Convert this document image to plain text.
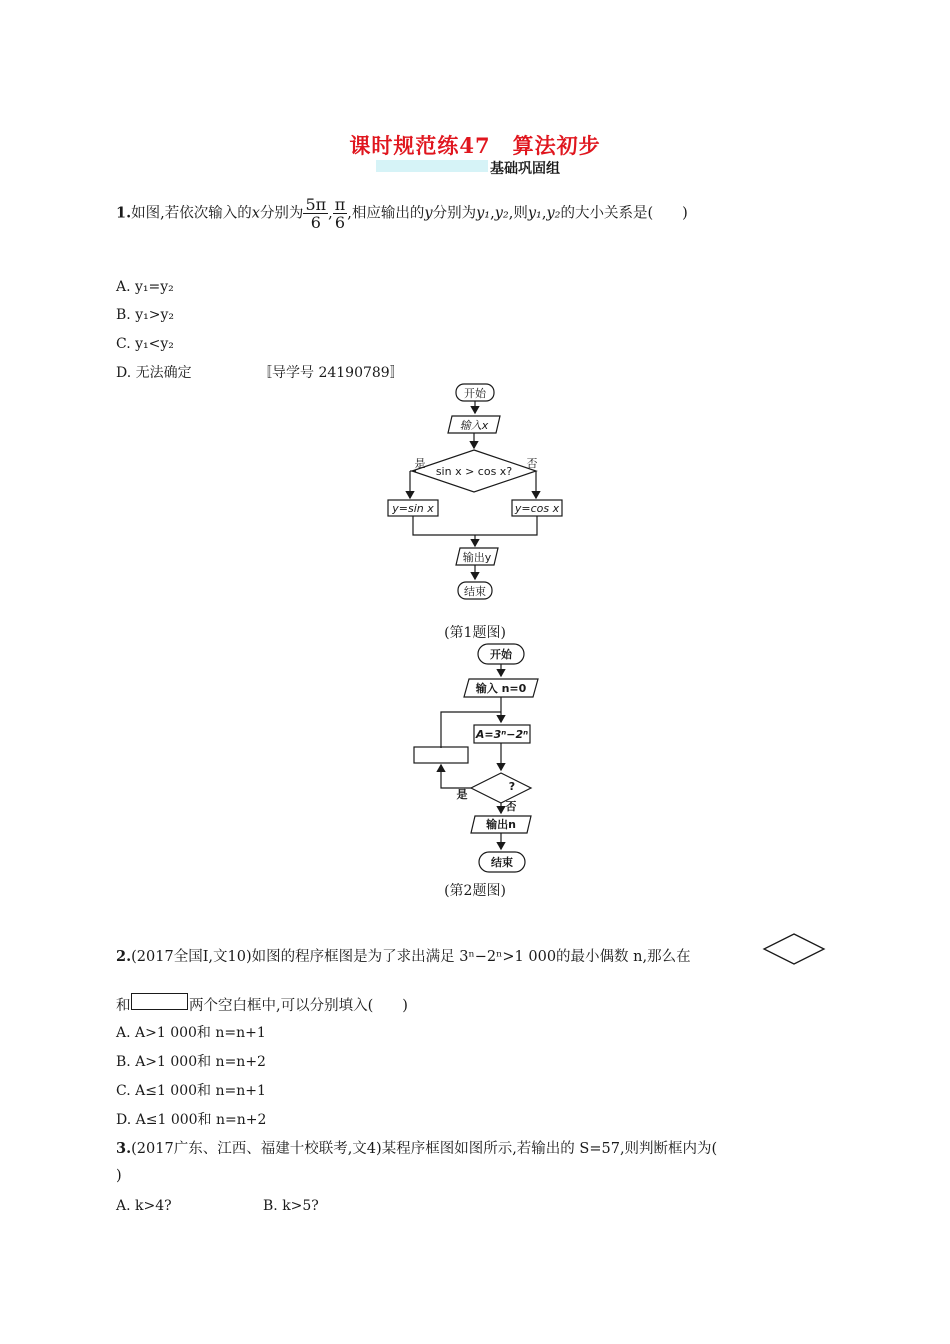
课时规范练47　算法初步
基础巩固组
1.如图,若依次输入的x分别为 $\frac{5\pi}{6}$ , $\frac{\pi}{6}$ ,相应输出的y分别为y₁,y₂,则y₁,y₂的大小关系是(　　)
A. y₁=y₂
B. y₁>y₂
C. y₁<y₂
D. 无法确定	〚导学号 24190789〛
开始
输入x
sin x > cos x?
是	否
y=sin x	y=cos x
输出y
结束
(第1题图)
开始
输入 n=0
A=3ⁿ−2ⁿ
?
是
否
输出n
结束
(第2题图)
2.(2017全国Ⅰ,文10)如图的程序框图是为了求出满足 3ⁿ−2ⁿ>1 000的最小偶数 n,那么在
和	两个空白框中,可以分别填入(　　)
A. A>1 000和 n=n+1
B. A>1 000和 n=n+2
C. A≤1 000和 n=n+1
D. A≤1 000和 n=n+2
3.(2017广东、江西、福建十校联考,文4)某程序框图如图所示,若输出的 S=57,则判断框内为(
)
A. k>4?	B. k>5?
